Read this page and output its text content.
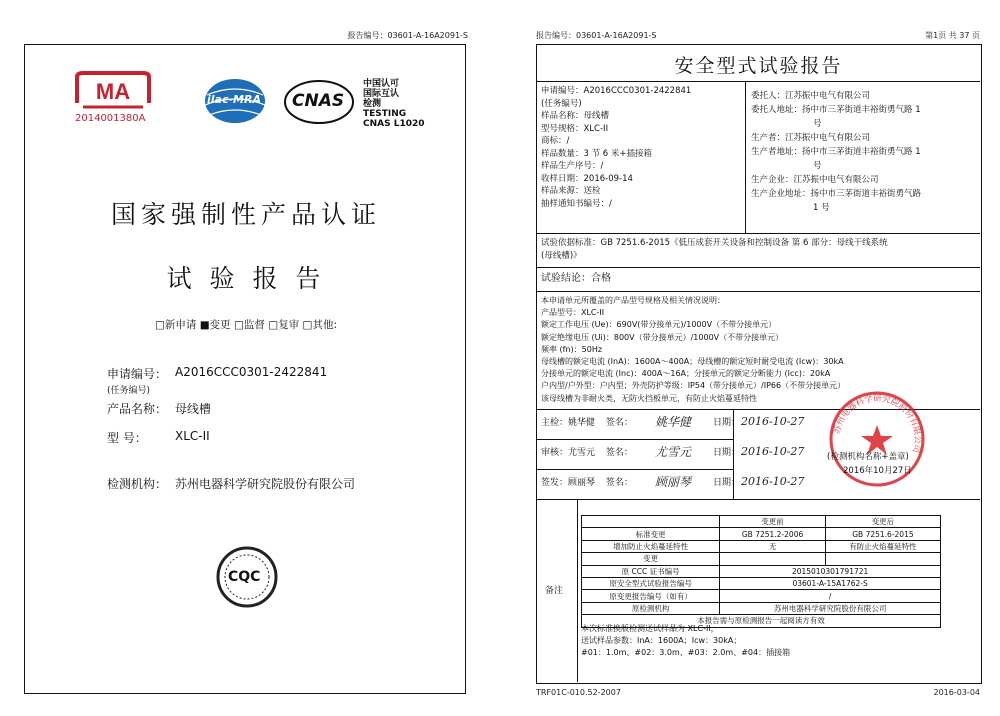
报告编号：03601-A-16A2091-S
MA
2014001380A
ilac-MRA CNAS
中国认可
国际互认
检测
TESTING
CNAS L1020
国家强制性产品认证
试 验 报 告
□新申请 ■变更 □监督 □复审 □其他:
申请编号： A2016CCC0301-2422841
(任务编号)
产品名称： 母线槽
型 号： XLC-II
检测机构： 苏州电器科学研究院股份有限公司
CQC
报告编号：03601-A-16A2091-S	第1页 共 37 页
安全型式试验报告
申请编号：A2016CCC0301-2422841
(任务编号)
样品名称：母线槽
型号规格：XLC-II
商标：/
样品数量：3 节 6 米+插接箱
样品生产序号：/
收样日期：2016-09-14
样品来源：送检
抽样通知书编号：/
委托人：江苏振中电气有限公司
委托人地址：扬中市三茅街道丰裕街勇气路 1
号
生产者：江苏振中电气有限公司
生产者地址：扬中市三茅街道丰裕街勇气路 1
号
生产企业：江苏振中电气有限公司
生产企业地址：扬中市三茅街道丰裕街勇气路
1 号
试验依据标准：GB 7251.6-2015《低压成套开关设备和控制设备 第 6 部分：母线干线系统
(母线槽)》
试验结论：合格
本申请单元所覆盖的产品型号规格及相关情况说明：
产品型号：XLC-II
额定工作电压 (Ue)：690V(带分接单元)/1000V（不带分接单元）
额定绝缘电压 (Ui)：800V（带分接单元）/1000V（不带分接单元）
频率 (fn)：50Hz
母线槽的额定电流 (InA)：1600A～400A；母线槽的额定短时耐受电流 (Icw)：30kA
分接单元的额定电流 (Inc)：400A～16A；分接单元的额定分断能力 (Icc)：20kA
户内型/户外型：户内型；外壳防护等级：IP54（带分接单元）/IP66（不带分接单元）
该母线槽为非耐火类，无防火挡板单元，有防止火焰蔓延特性
主检：姚华健 签名： 姚华健 日期： 2016-10-27
审核：尤雪元 签名： 尤雪元 日期： 2016-10-27
签发：顾丽琴 签名： 顾丽琴 日期： 2016-10-27
苏州电器科学研究院股份有限公司
(检测机构名称+盖章)
2016年10月27日
备注
	变更前	变更后
标准变更	GB 7251.2-2006	GB 7251.6-2015
增加防止火焰蔓延特性	无	有防止火焰蔓延特性
变更		
原 CCC 证书编号	2015010301791721	
原安全型式试验报告编号	03601-A-15A1762-S	
原变更报告编号（如有）	/	
原检测机构	苏州电器科学研究院股份有限公司	
本报告需与原检测报告一起阅读方有效		
本次标准换版检测送试样品为 XLC-II，
送试样品参数：InA：1600A；Icw：30kA；
#01：1.0m、#02：3.0m、#03：2.0m、#04：插接箱
TRF01C-010.52-2007	2016-03-04
